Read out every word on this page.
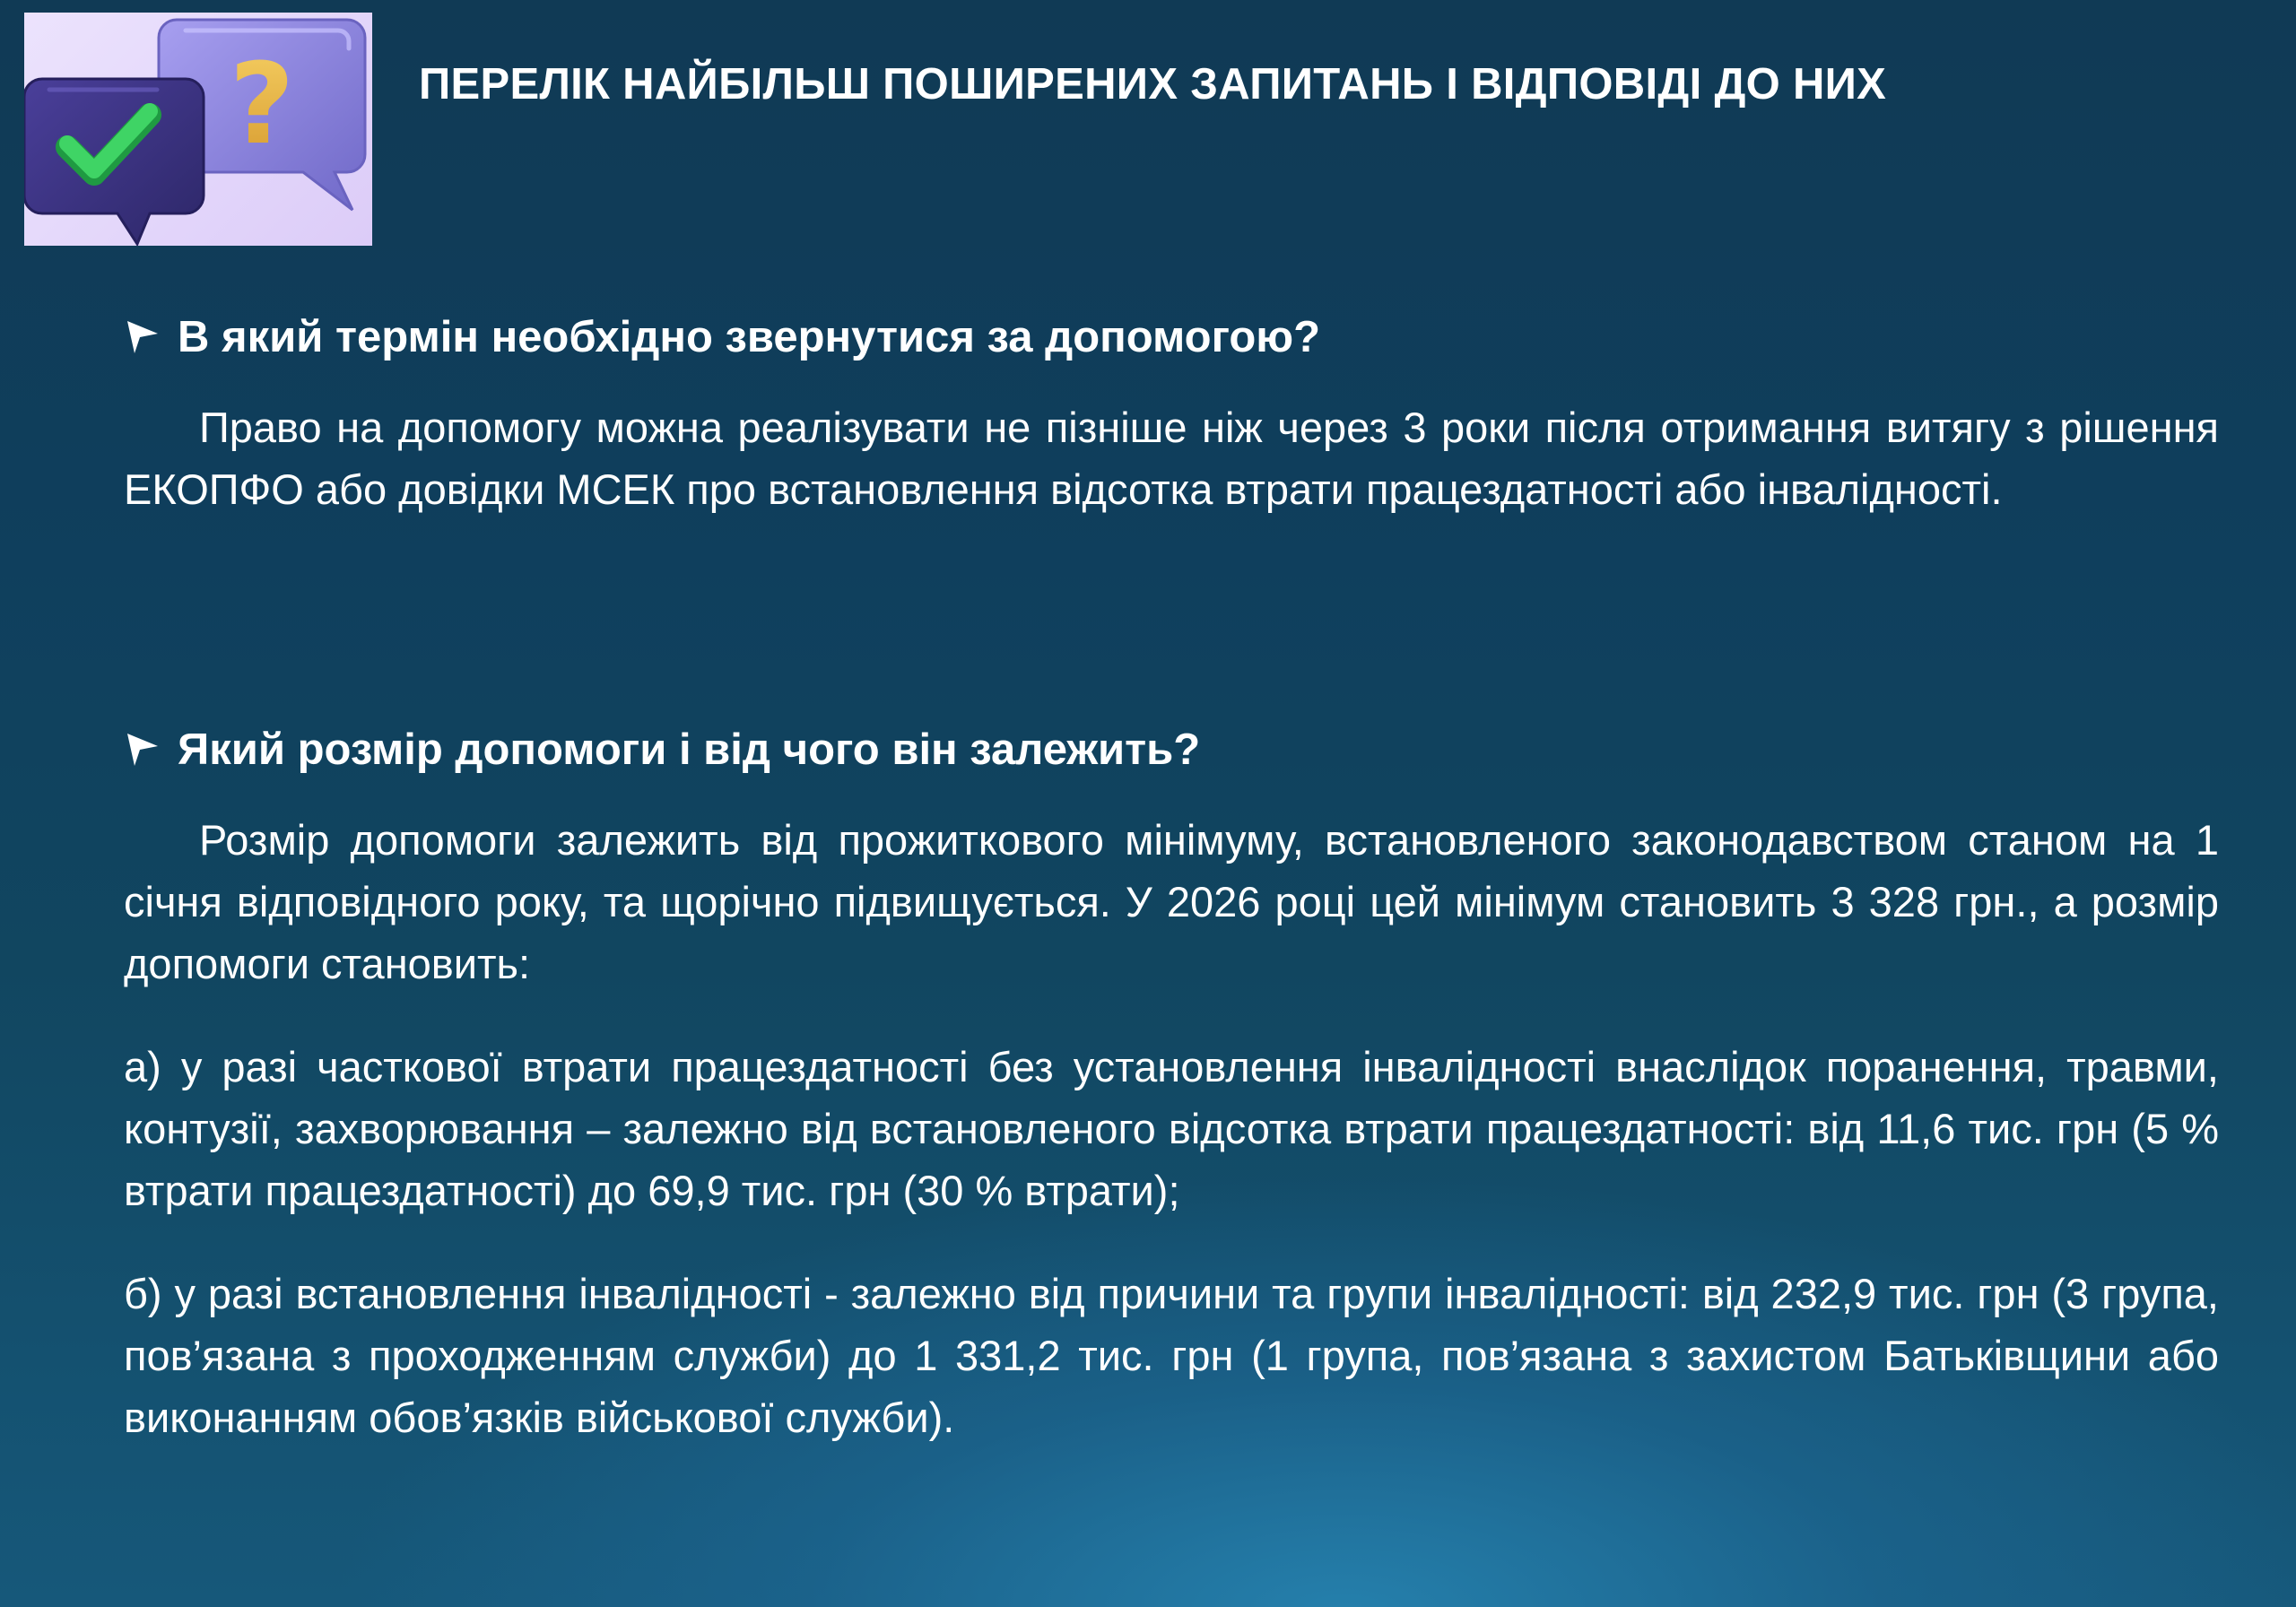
?	ПЕРЕЛІК НАЙБІЛЬШ ПОШИРЕНИХ ЗАПИТАНЬ І ВІДПОВІДІ ДО НИХ
В який термін необхідно звернутися за допомогою?

Право на допомогу можна реалізувати не пізніше ніж через 3 роки після отримання витягу з рішення ЕКОПФО або довідки МСЕК про встановлення відсотка втрати працездатності або інвалідності.

Який розмір допомоги і від чого він залежить?

Розмір допомоги залежить від прожиткового мінімуму, встановленого законодавством станом на 1 січня відповідного року, та щорічно підвищується. У 2026 році цей мінімум становить 3 328 грн., а розмір допомоги становить:

а) у разі часткової втрати працездатності без установлення інвалідності внаслідок поранення, травми, контузії, захворювання – залежно від встановленого відсотка втрати працездатності: від 11,6 тис. грн (5 % втрати працездатності) до 69,9 тис. грн (30 % втрати);

б) у разі встановлення інвалідності - залежно від причини та групи інвалідності: від 232,9 тис. грн (3 група, пов’язана з проходженням служби) до 1 331,2 тис. грн (1 група, пов’язана з захистом Батьківщини або виконанням обов’язків військової служби).
